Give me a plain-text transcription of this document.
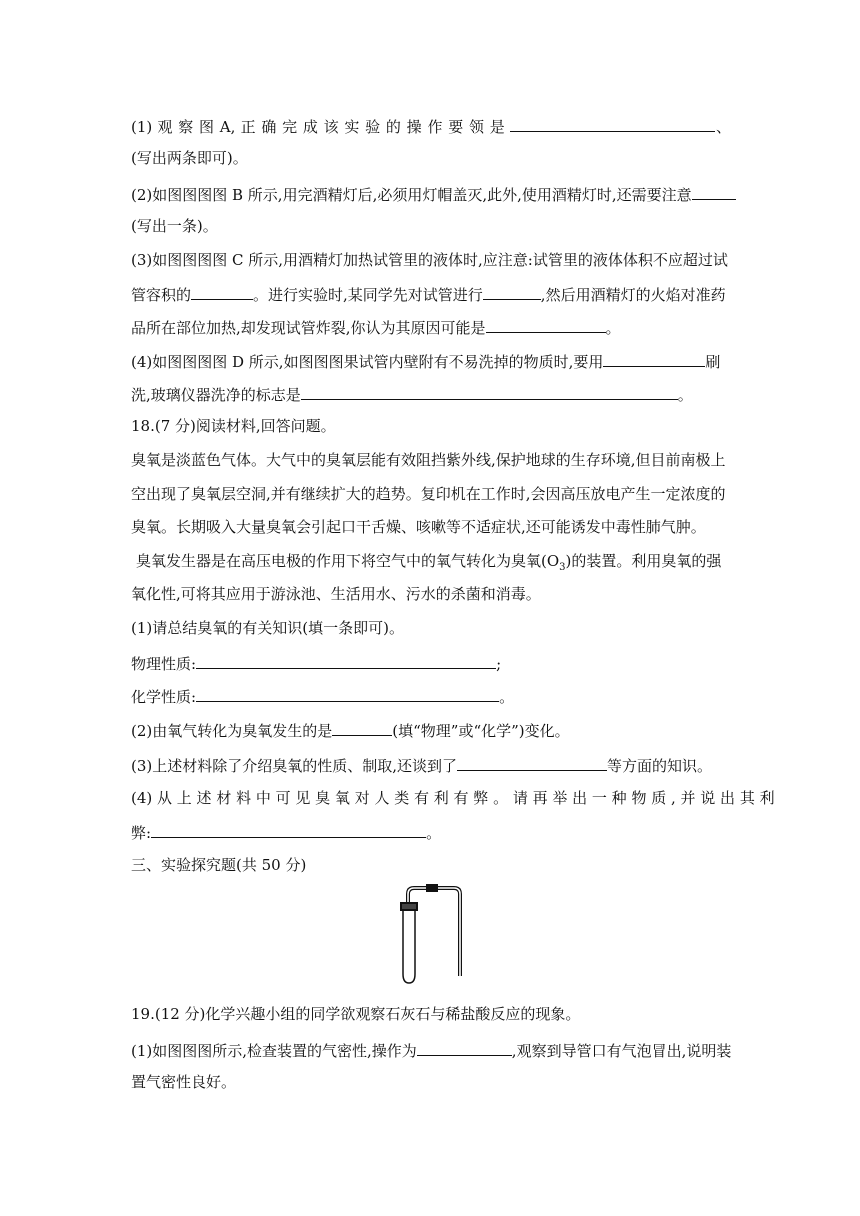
(1) 观 察 图 A, 正 确 完 成 该 实 验 的 操 作 要 领 是	、
(写出两条即可)。
(2)如图图图图 B 所示,用完酒精灯后,必须用灯帽盖灭,此外,使用酒精灯时,还需要注意
(写出一条)。
(3)如图图图图 C 所示,用酒精灯加热试管里的液体时,应注意:试管里的液体体积不应超过试
管容积的	。进行实验时,某同学先对试管进行	,然后用酒精灯的火焰对准药
品所在部位加热,却发现试管炸裂,你认为其原因可能是	。
(4)如图图图图 D 所示,如图图图果试管内壁附有不易洗掉的物质时,要用	刷
洗,玻璃仪器洗净的标志是	。
18.(7 分)阅读材料,回答问题。
臭氧是淡蓝色气体。大气中的臭氧层能有效阻挡紫外线,保护地球的生存环境,但目前南极上
空出现了臭氧层空洞,并有继续扩大的趋势。复印机在工作时,会因高压放电产生一定浓度的
臭氧。长期吸入大量臭氧会引起口干舌燥、咳嗽等不适症状,还可能诱发中毒性肺气肿。
臭氧发生器是在高压电极的作用下将空气中的氧气转化为臭氧$(O_3)$的装置。利用臭氧的强
氧化性,可将其应用于游泳池、生活用水、污水的杀菌和消毒。
(1)请总结臭氧的有关知识(填一条即可)。
物理性质:	;
化学性质:	。
(2)由氧气转化为臭氧发生的是	(填“物理”或“化学”)变化。
(3)上述材料除了介绍臭氧的性质、制取,还谈到了	等方面的知识。
(4) 从 上 述 材 料 中 可 见 臭 氧 对 人 类 有 利 有 弊 。 请 再 举 出 一 种 物 质 , 并 说 出 其 利
弊:	。
三、实验探究题(共 50 分)
19.(12 分)化学兴趣小组的同学欲观察石灰石与稀盐酸反应的现象。
(1)如图图图所示,检查装置的气密性,操作为	,观察到导管口有气泡冒出,说明装
置气密性良好。
